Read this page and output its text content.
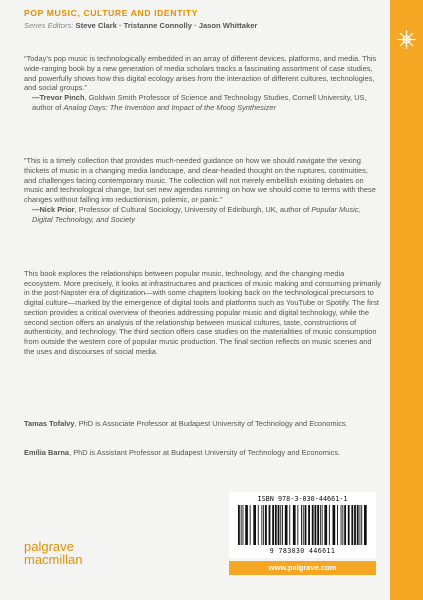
POP MUSIC, CULTURE AND IDENTITY
Series Editors: Steve Clark · Tristanne Connolly · Jason Whittaker
“Today’s pop music is technologically embedded in an array of different devices, platforms, and media. This wide-ranging book by a new generation of media scholars tracks a fascinating assortment of case studies, and powerfully shows how this digital ecology arises from the interaction of different cultures, technologies, and social groups.”
—Trevor Pinch, Goldwin Smith Professor of Science and Technology Studies, Cornell University, US, author of Analog Days: The Invention and Impact of the Moog Synthesizer
“This is a timely collection that provides much-needed guidance on how we should navigate the vexing thickets of music in a changing media landscape, and clear-headed thought on the ruptures, continuities, and challenges facing contemporary music. The collection will not merely embellish existing debates on music and technological change, but set new agendas running on how we should come to terms with these changes without falling into reductionism, polemic, or panic.”
—Nick Prior, Professor of Cultural Sociology, University of Edinburgh, UK, author of Popular Music, Digital Technology, and Society
This book explores the relationships between popular music, technology, and the changing media ecosystem. More precisely, it looks at infrastructures and practices of music making and consuming primarily in the post-Napster era of digitization—with some chapters looking back on the technological precursors to digital culture—marked by the emergence of digital tools and platforms such as YouTube or Spotify. The first section provides a critical overview of theories addressing popular music and digital technology, while the second section offers an analysis of the relationship between musical cultures, taste, constructions of authenticity, and technology. The third section offers case studies on the materialities of music consumption from outside the western core of popular music production. The final section reflects on music scenes and the uses and discourses of social media.
Tamas Tofalvy, PhD is Associate Professor at Budapest University of Technology and Economics.
Emília Barna, PhD is Assistant Professor at Budapest University of Technology and Economics.
palgrave
macmillan
ISBN 978-3-030-44661-1
9 783030 446611
www.palgrave.com
